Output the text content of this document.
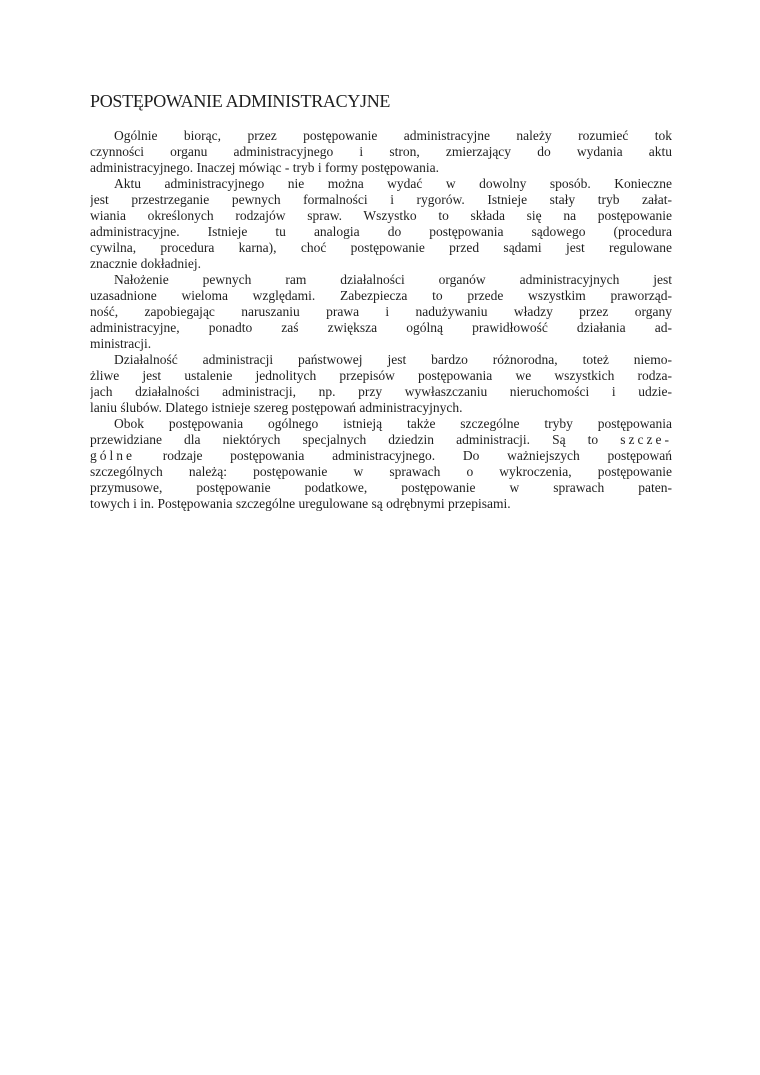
POSTĘPOWANIE ADMINISTRACYJNE
Ogólnie biorąc, przez postępowanie administracyjne należy rozumieć tok
czynności organu administracyjnego i stron, zmierzający do wydania aktu
administracyjnego. Inaczej mówiąc - tryb i formy postępowania.
Aktu administracyjnego nie można wydać w dowolny sposób. Konieczne
jest przestrzeganie pewnych formalności i rygorów. Istnieje stały tryb załat-
wiania określonych rodzajów spraw. Wszystko to składa się na postępowanie
administracyjne. Istnieje tu analogia do postępowania sądowego (procedura
cywilna, procedura karna), choć postępowanie przed sądami jest regulowane
znacznie dokładniej.
Nałożenie pewnych ram działalności organów administracyjnych jest
uzasadnione wieloma względami. Zabezpiecza to przede wszystkim praworząd-
ność, zapobiegając naruszaniu prawa i nadużywaniu władzy przez organy
administracyjne, ponadto zaś zwiększa ogólną prawidłowość działania ad-
ministracji.
Działalność administracji państwowej jest bardzo różnorodna, toteż niemo-
żliwe jest ustalenie jednolitych przepisów postępowania we wszystkich rodza-
jach działalności administracji, np. przy wywłaszczaniu nieruchomości i udzie-
laniu ślubów. Dlatego istnieje szereg postępowań administracyjnych.
Obok postępowania ogólnego istnieją także szczególne tryby postępowania
przewidziane dla niektórych specjalnych dziedzin administracji. Są to szcze-
gólne rodzaje postępowania administracyjnego. Do ważniejszych postępowań
szczególnych należą: postępowanie w sprawach o wykroczenia, postępowanie
przymusowe, postępowanie podatkowe, postępowanie w sprawach paten-
towych i in. Postępowania szczególne uregulowane są odrębnymi przepisami.
